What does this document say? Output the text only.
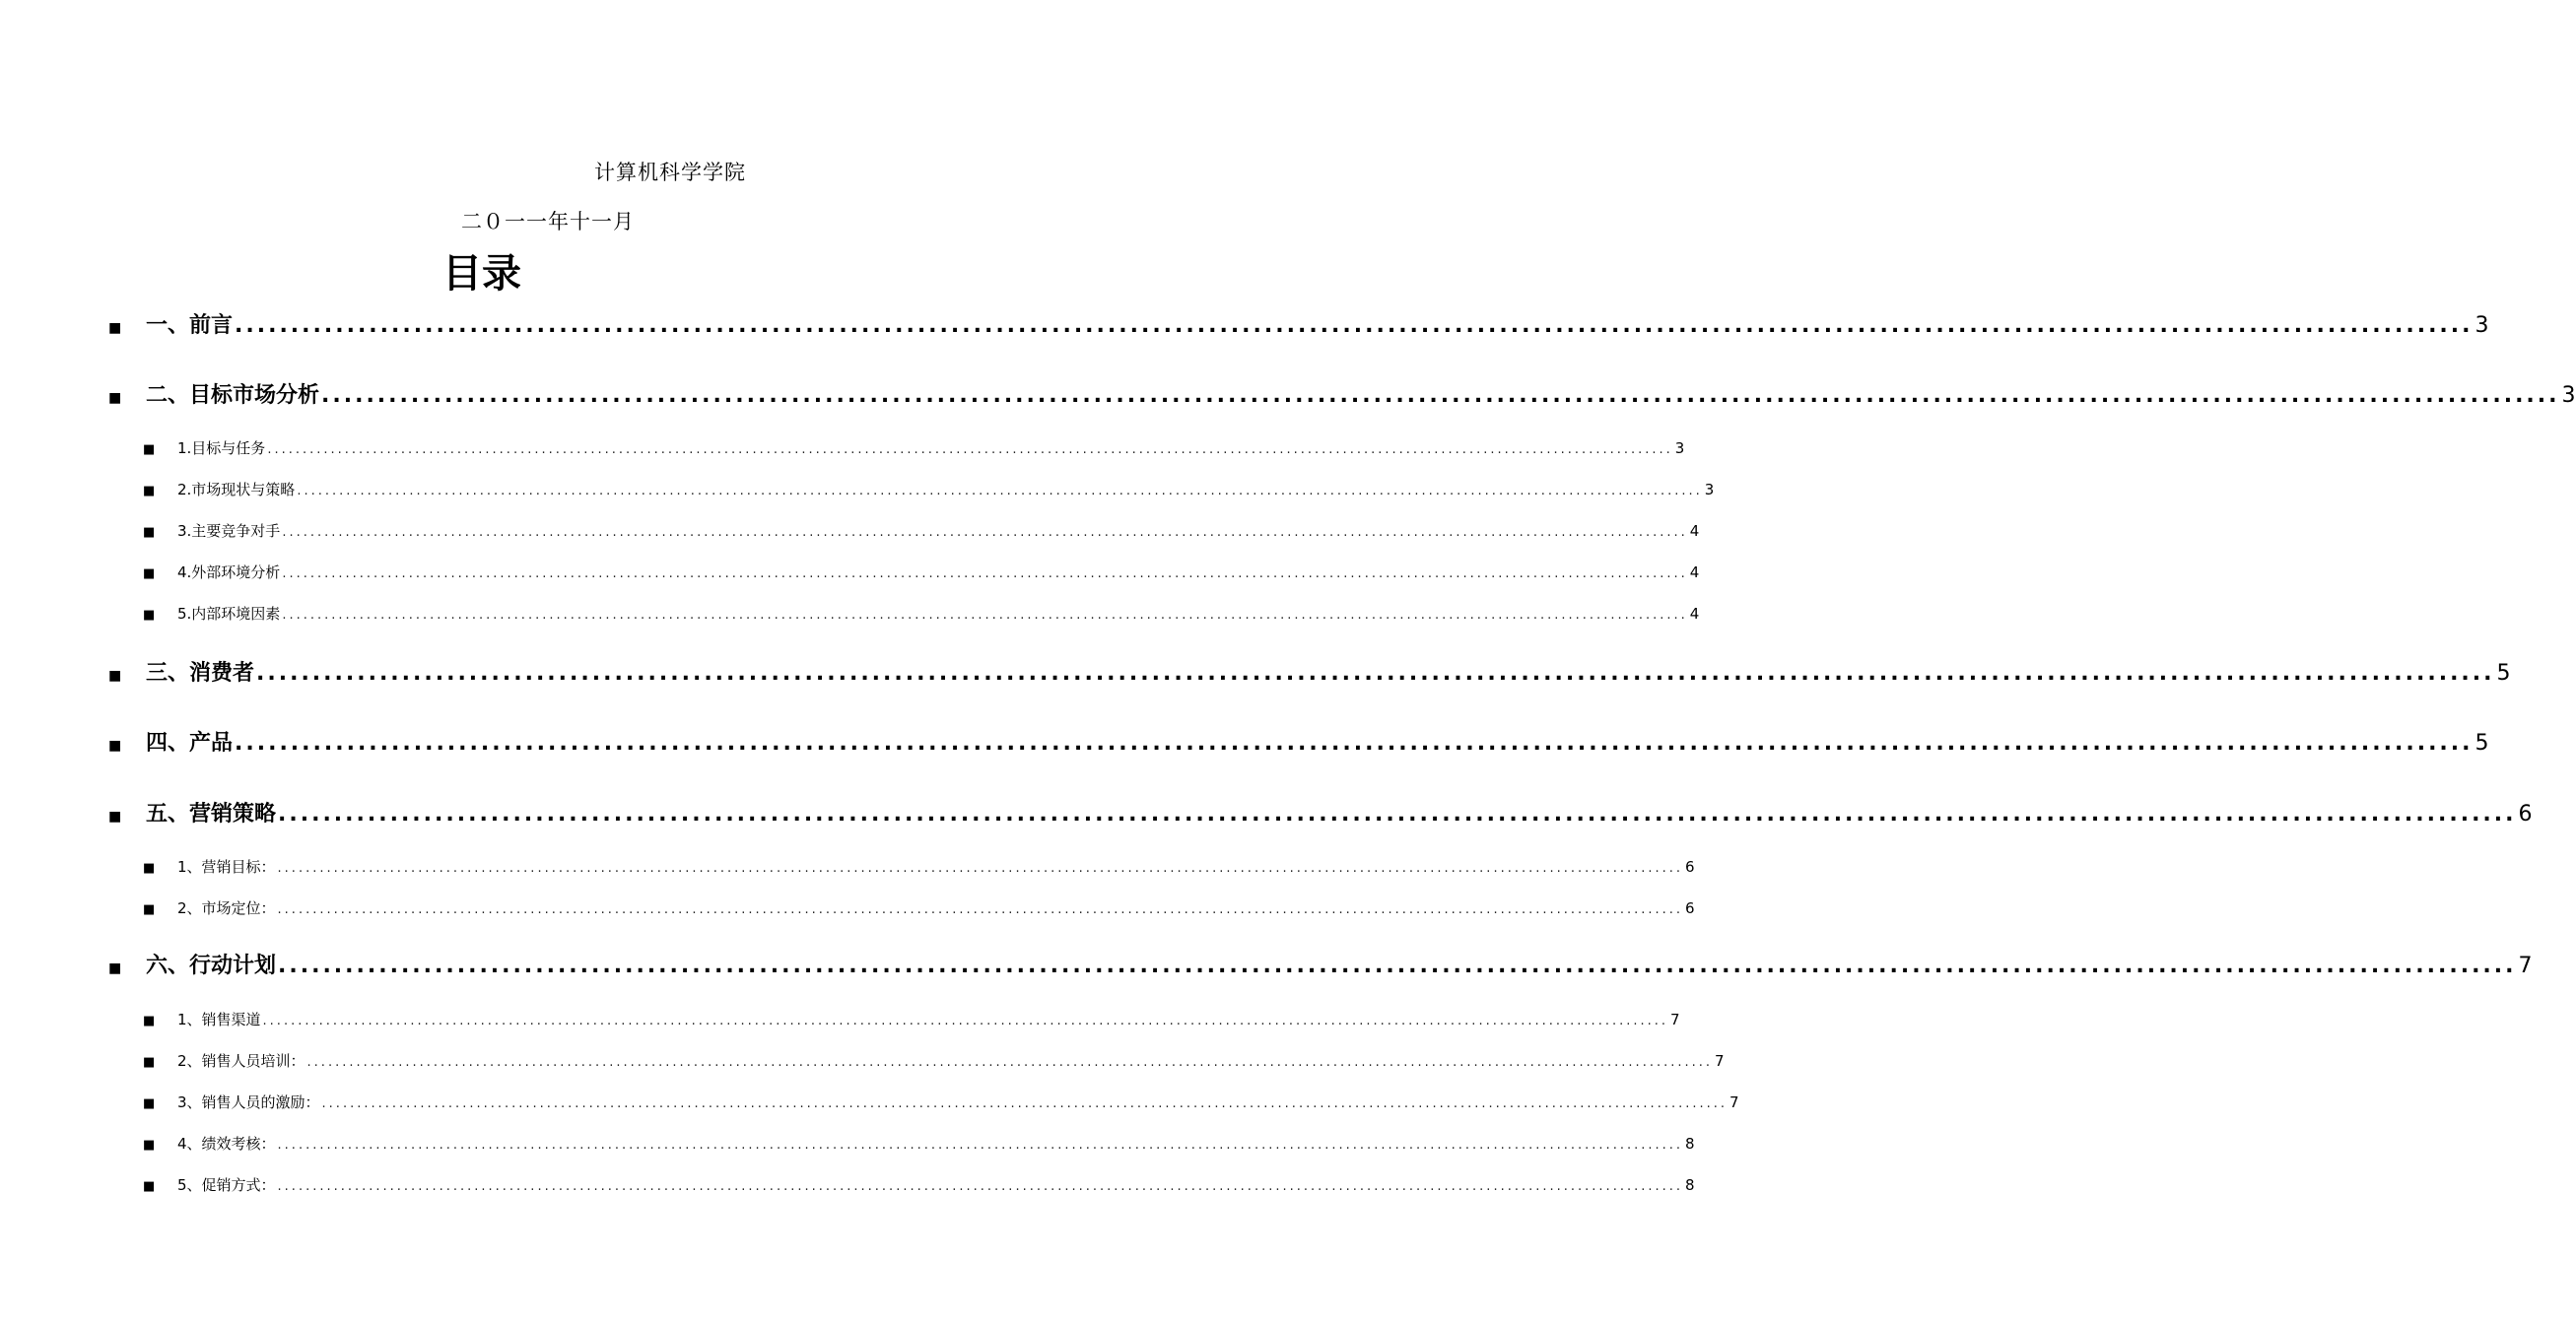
计算机科学学院
二０一一年十一月
目录
■	一、前言 ........................................................................................................................................................................................................ 3
■	二、目标市场分析 ........................................................................................................................................................................................................ 3
■	1.目标与任务 ........................................................................................................................................................................................................ 3
■	2.市场现状与策略 ........................................................................................................................................................................................................ 3
■	3.主要竞争对手 ........................................................................................................................................................................................................ 4
■	4.外部环境分析 ........................................................................................................................................................................................................ 4
■	5.内部环境因素 ........................................................................................................................................................................................................ 4
■	三、消费者 ........................................................................................................................................................................................................ 5
■	四、产品 ........................................................................................................................................................................................................ 5
■	五、营销策略 ........................................................................................................................................................................................................ 6
■	1、营销目标： ........................................................................................................................................................................................................ 6
■	2、市场定位： ........................................................................................................................................................................................................ 6
■	六、行动计划 ........................................................................................................................................................................................................ 7
■	1、销售渠道 ........................................................................................................................................................................................................ 7
■	2、销售人员培训： ........................................................................................................................................................................................................ 7
■	3、销售人员的激励： ........................................................................................................................................................................................................ 7
■	4、绩效考核： ........................................................................................................................................................................................................ 8
■	5、促销方式： ........................................................................................................................................................................................................ 8
